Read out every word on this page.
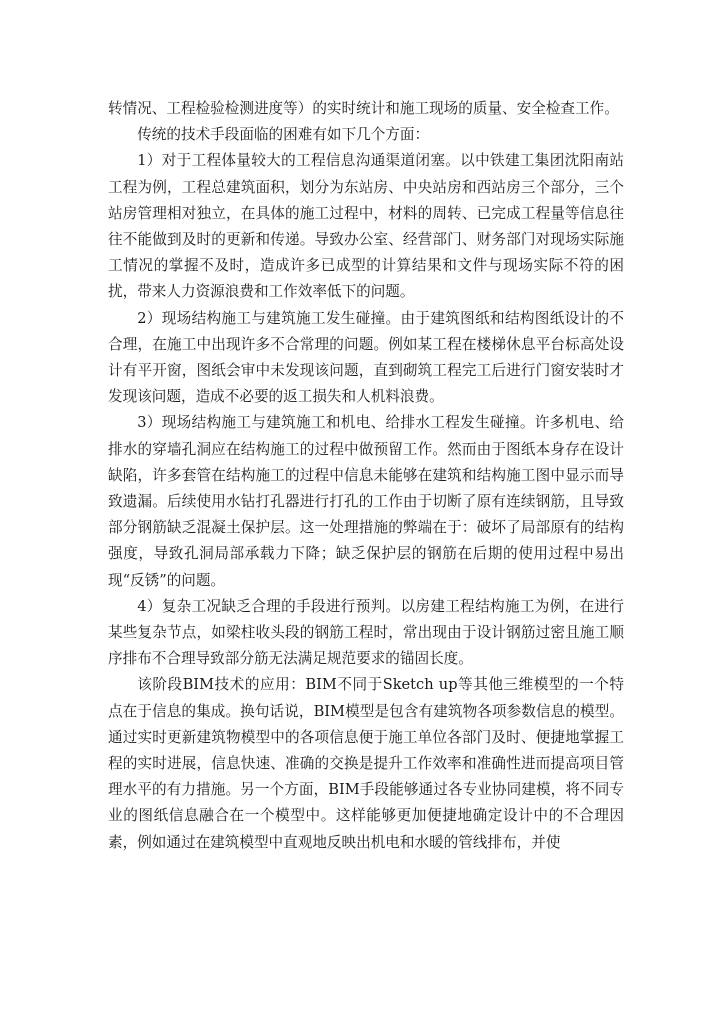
转情况、工程检验检测进度等）的实时统计和施工现场的质量、安全检查工作。

传统的技术手段面临的困难有如下几个方面：

1）对于工程体量较大的工程信息沟通渠道闭塞。以中铁建工集团沈阳南站工程为例，工程总建筑面积，划分为东站房、中央站房和西站房三个部分，三个站房管理相对独立，在具体的施工过程中，材料的周转、已完成工程量等信息往往不能做到及时的更新和传递。导致办公室、经营部门、财务部门对现场实际施工情况的掌握不及时，造成许多已成型的计算结果和文件与现场实际不符的困扰，带来人力资源浪费和工作效率低下的问题。

2）现场结构施工与建筑施工发生碰撞。由于建筑图纸和结构图纸设计的不合理，在施工中出现许多不合常理的问题。例如某工程在楼梯休息平台标高处设计有平开窗，图纸会审中未发现该问题，直到砌筑工程完工后进行门窗安装时才发现该问题，造成不必要的返工损失和人机料浪费。

3）现场结构施工与建筑施工和机电、给排水工程发生碰撞。许多机电、给排水的穿墙孔洞应在结构施工的过程中做预留工作。然而由于图纸本身存在设计缺陷，许多套管在结构施工的过程中信息未能够在建筑和结构施工图中显示而导致遗漏。后续使用水钻打孔器进行打孔的工作由于切断了原有连续钢筋，且导致部分钢筋缺乏混凝土保护层。这一处理措施的弊端在于：破坏了局部原有的结构强度，导致孔洞局部承载力下降；缺乏保护层的钢筋在后期的使用过程中易出现“反锈”的问题。

4）复杂工况缺乏合理的手段进行预判。以房建工程结构施工为例，在进行某些复杂节点，如梁柱收头段的钢筋工程时，常出现由于设计钢筋过密且施工顺序排布不合理导致部分筋无法满足规范要求的锚固长度。

该阶段BIM技术的应用：BIM不同于Sketch up等其他三维模型的一个特点在于信息的集成。换句话说，BIM模型是包含有建筑物各项参数信息的模型。通过实时更新建筑物模型中的各项信息便于施工单位各部门及时、便捷地掌握工程的实时进展，信息快速、准确的交换是提升工作效率和准确性进而提高项目管理水平的有力措施。另一个方面，BIM手段能够通过各专业协同建模，将不同专业的图纸信息融合在一个模型中。这样能够更加便捷地确定设计中的不合理因素，例如通过在建筑模型中直观地反映出机电和水暖的管线排布，并使
